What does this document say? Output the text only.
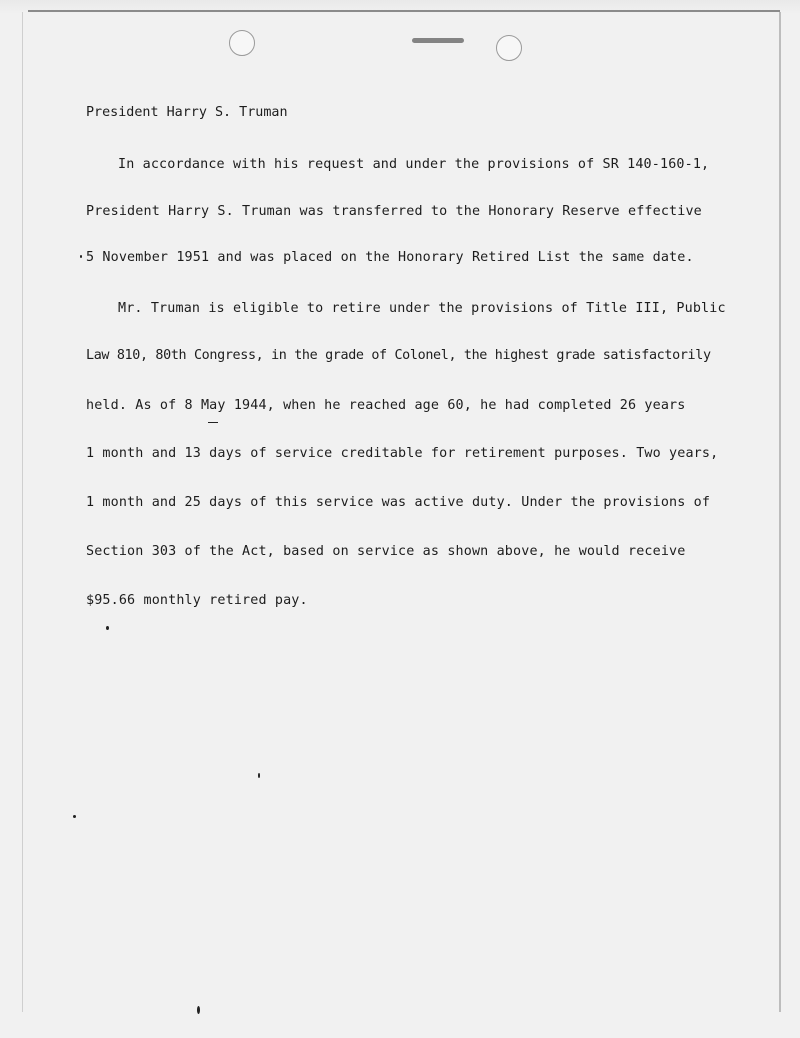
President Harry S. Truman
In accordance with his request and under the provisions of SR 140-160-1,
President Harry S. Truman was transferred to the Honorary Reserve effective
5 November 1951 and was placed on the Honorary Retired List the same date.
Mr. Truman is eligible to retire under the provisions of Title III, Public
Law 810, 80th Congress, in the grade of Colonel, the highest grade satisfactorily
held. As of 8 May 1944, when he reached age 60, he had completed 26 years
1 month and 13 days of service creditable for retirement purposes. Two years,
1 month and 25 days of this service was active duty. Under the provisions of
Section 303 of the Act, based on service as shown above, he would receive
$95.66 monthly retired pay.
